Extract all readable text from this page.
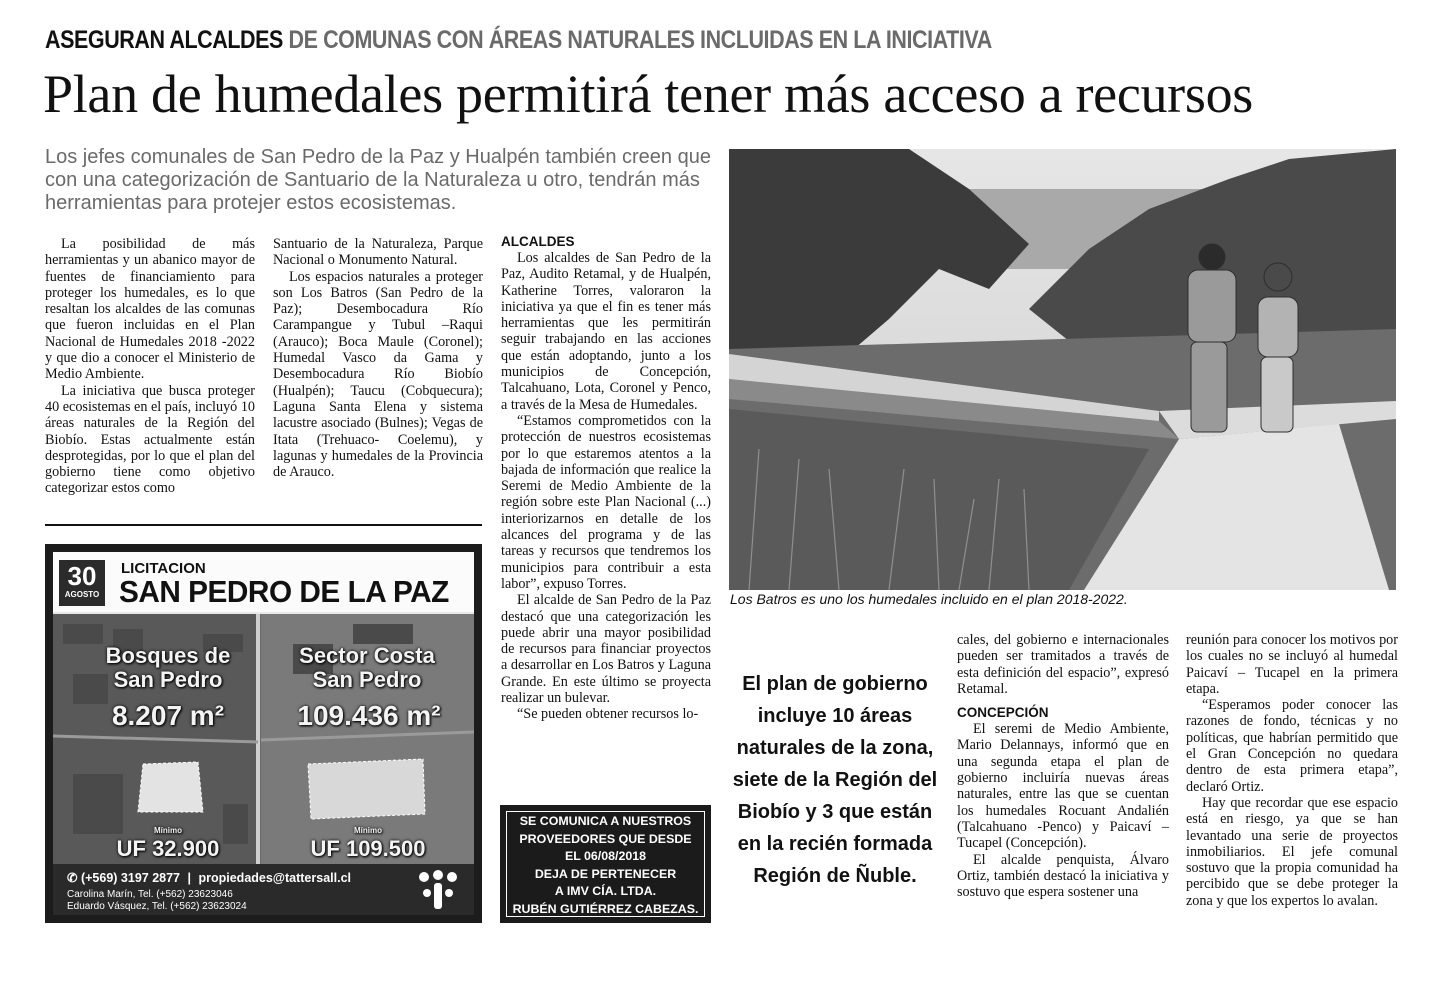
ASEGURAN ALCALDES DE COMUNAS CON ÁREAS NATURALES INCLUIDAS EN LA INICIATIVA
Plan de humedales permitirá tener más acceso a recursos
Los jefes comunales de San Pedro de la Paz y Hualpén también creen que con una categorización de Santuario de la Naturaleza u otro, tendrán más herramientas para protejer estos ecosistemas.

La posibilidad de más herramientas y un abanico mayor de fuentes de financiamiento para proteger los humedales, es lo que resaltan los alcaldes de las comunas que fueron incluidas en el Plan Nacional de Humedales 2018 -2022 y que dio a conocer el Ministerio de Medio Ambiente.

La iniciativa que busca proteger 40 ecosistemas en el país, incluyó 10 áreas naturales de la Región del Biobío. Estas actualmente están desprotegidas, por lo que el plan del gobierno tiene como objetivo categorizar estos como

Santuario de la Naturaleza, Parque Nacional o Monumento Natural.

Los espacios naturales a proteger son Los Batros (San Pedro de la Paz); Desembocadura Río Carampangue y Tubul –Raqui (Arauco); Boca Maule (Coronel); Humedal Vasco da Gama y Desembocadura Río Biobío (Hualpén); Taucu (Cobquecura); Laguna Santa Elena y sistema lacustre asociado (Bulnes); Vegas de Itata (Trehuaco- Coelemu), y lagunas y humedales de la Provincia de Arauco.

ALCALDES

Los alcaldes de San Pedro de la Paz, Audito Retamal, y de Hualpén, Katherine Torres, valoraron la iniciativa ya que el fin es tener más herramientas que les permitirán seguir trabajando en las acciones que están adoptando, junto a los municipios de Concepción, Talcahuano, Lota, Coronel y Penco, a través de la Mesa de Humedales.

“Estamos comprometidos con la protección de nuestros ecosistemas por lo que estaremos atentos a la bajada de información que realice la Seremi de Medio Ambiente de la región sobre este Plan Nacional (...) interiorizarnos en detalle de los alcances del programa y de las tareas y recursos que tendremos los municipios para contribuir a esta labor”, expuso Torres.

El alcalde de San Pedro de la Paz destacó que una categorización les puede abrir una mayor posibilidad de recursos para financiar proyectos a desarrollar en Los Batros y Laguna Grande. En este último se proyecta realizar un bulevar.

“Se pueden obtener recursos lo-

Los Batros es uno los humedales incluido en el plan 2018-2022.
El plan de gobierno incluye 10 áreas naturales de la zona, siete de la Región del Biobío y 3 que están en la recién formada Región de Ñuble.

cales, del gobierno e internacionales pueden ser tramitados a través de esta definición del espacio”, expresó Retamal.

CONCEPCIÓN

El seremi de Medio Ambiente, Mario Delannays, informó que en una segunda etapa el plan de gobierno incluiría nuevas áreas naturales, entre las que se cuentan los humedales Rocuant Andalién (Talcahuano -Penco) y Paicaví – Tucapel (Concepción).

El alcalde penquista, Álvaro Ortiz, también destacó la iniciativa y sostuvo que espera sostener una

reunión para conocer los motivos por los cuales no se incluyó al humedal Paicaví – Tucapel en la primera etapa.

“Esperamos poder conocer las razones de fondo, técnicas y no políticas, que habrían permitido que el Gran Concepción no quedara dentro de esta primera etapa”, declaró Ortiz.

Hay que recordar que ese espacio está en riesgo, ya que se han levantado una serie de proyectos inmobiliarios. El jefe comunal sostuvo que la propia comunidad ha percibido que se debe proteger la zona y que los expertos lo avalan.

30
AGOSTO
LICITACION
SAN PEDRO DE LA PAZ
Bosques de
San Pedro
8.207 m²
Sector Costa
San Pedro
109.436 m²
Mínimo
UF 32.900
Mínimo
UF 109.500
✆ (+569) 3197 2877 | propiedades@tattersall.cl
Carolina Marín, Tel. (+562) 23623046
Eduardo Vásquez, Tel. (+562) 23623024
SE COMUNICA A NUESTROS
PROVEEDORES QUE DESDE
EL 06/08/2018
DEJA DE PERTENECER
A IMV CÍA. LTDA.
RUBÉN GUTIÉRREZ CABEZAS.
